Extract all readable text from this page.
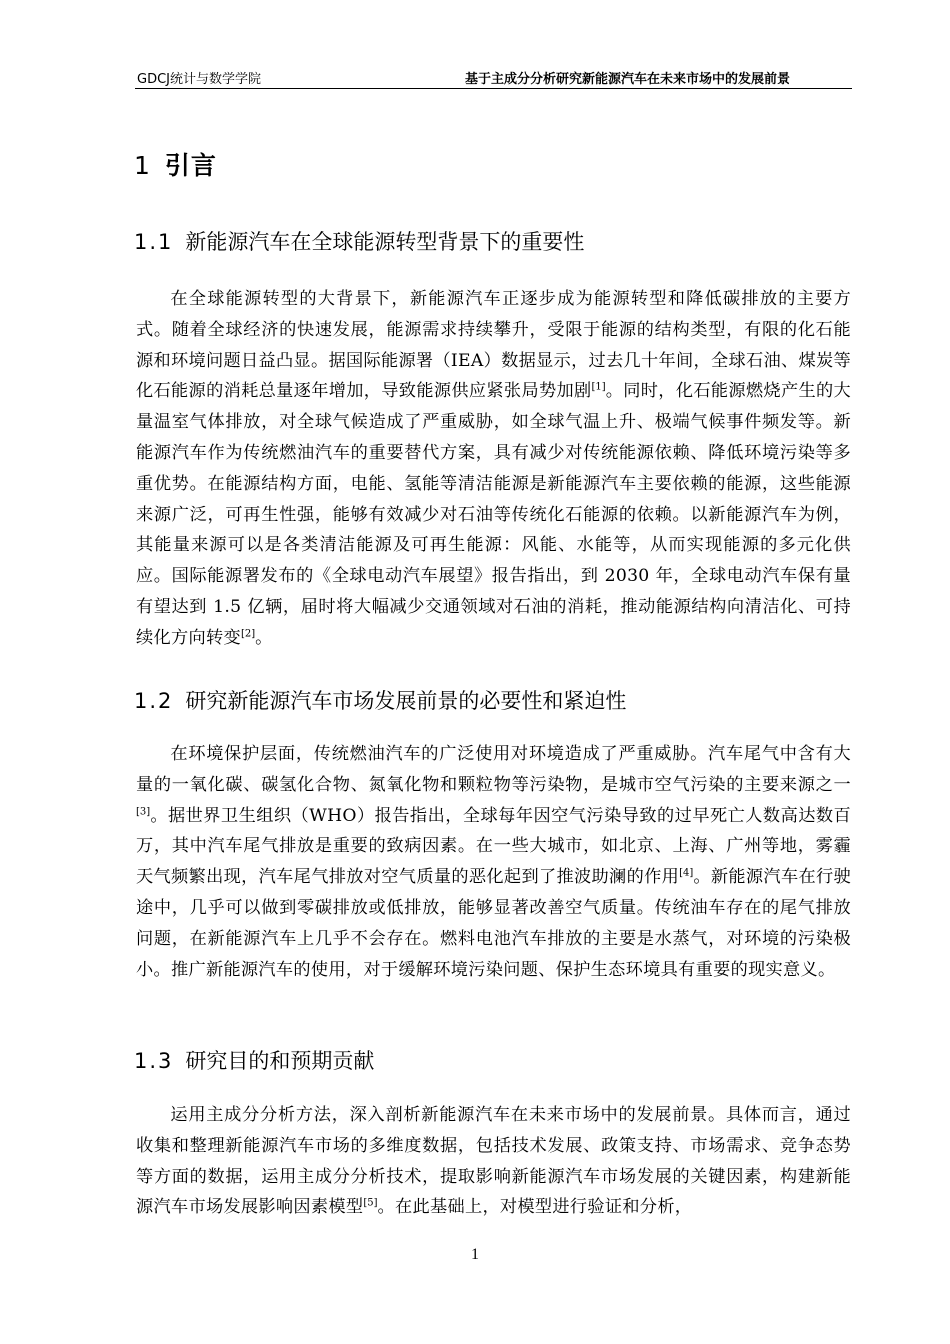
GDCJ统计与数学学院	基于主成分分析研究新能源汽车在未来市场中的发展前景
1 引言
1.1 新能源汽车在全球能源转型背景下的重要性

在全球能源转型的大背景下，新能源汽车正逐步成为能源转型和降低碳排放的主要方式。随着全球经济的快速发展，能源需求持续攀升，受限于能源的结构类型，有限的化石能源和环境问题日益凸显。据国际能源署（IEA）数据显示，过去几十年间，全球石油、煤炭等化石能源的消耗总量逐年增加，导致能源供应紧张局势加剧[1]。同时，化石能源燃烧产生的大量温室气体排放，对全球气候造成了严重威胁，如全球气温上升、极端气候事件频发等。新能源汽车作为传统燃油汽车的重要替代方案，具有减少对传统能源依赖、降低环境污染等多重优势。在能源结构方面，电能、氢能等清洁能源是新能源汽车主要依赖的能源，这些能源来源广泛，可再生性强，能够有效减少对石油等传统化石能源的依赖。以新能源汽车为例，其能量来源可以是各类清洁能源及可再生能源：风能、水能等，从而实现能源的多元化供应。国际能源署发布的《全球电动汽车展望》报告指出，到 2030 年，全球电动汽车保有量有望达到 1.5 亿辆，届时将大幅减少交通领域对石油的消耗，推动能源结构向清洁化、可持续化方向转变[2]。

1.2 研究新能源汽车市场发展前景的必要性和紧迫性

在环境保护层面，传统燃油汽车的广泛使用对环境造成了严重威胁。汽车尾气中含有大量的一氧化碳、碳氢化合物、氮氧化物和颗粒物等污染物，是城市空气污染的主要来源之一[3]。据世界卫生组织（WHO）报告指出，全球每年因空气污染导致的过早死亡人数高达数百万，其中汽车尾气排放是重要的致病因素。在一些大城市，如北京、上海、广州等地，雾霾天气频繁出现，汽车尾气排放对空气质量的恶化起到了推波助澜的作用[4]。新能源汽车在行驶途中，几乎可以做到零碳排放或低排放，能够显著改善空气质量。传统油车存在的尾气排放问题，在新能源汽车上几乎不会存在。燃料电池汽车排放的主要是水蒸气，对环境的污染极小。推广新能源汽车的使用，对于缓解环境污染问题、保护生态环境具有重要的现实意义。

1.3 研究目的和预期贡献

运用主成分分析方法，深入剖析新能源汽车在未来市场中的发展前景。具体而言，通过收集和整理新能源汽车市场的多维度数据，包括技术发展、政策支持、市场需求、竞争态势等方面的数据，运用主成分分析技术，提取影响新能源汽车市场发展的关键因素，构建新能源汽车市场发展影响因素模型[5]。在此基础上，对模型进行验证和分析，

1
